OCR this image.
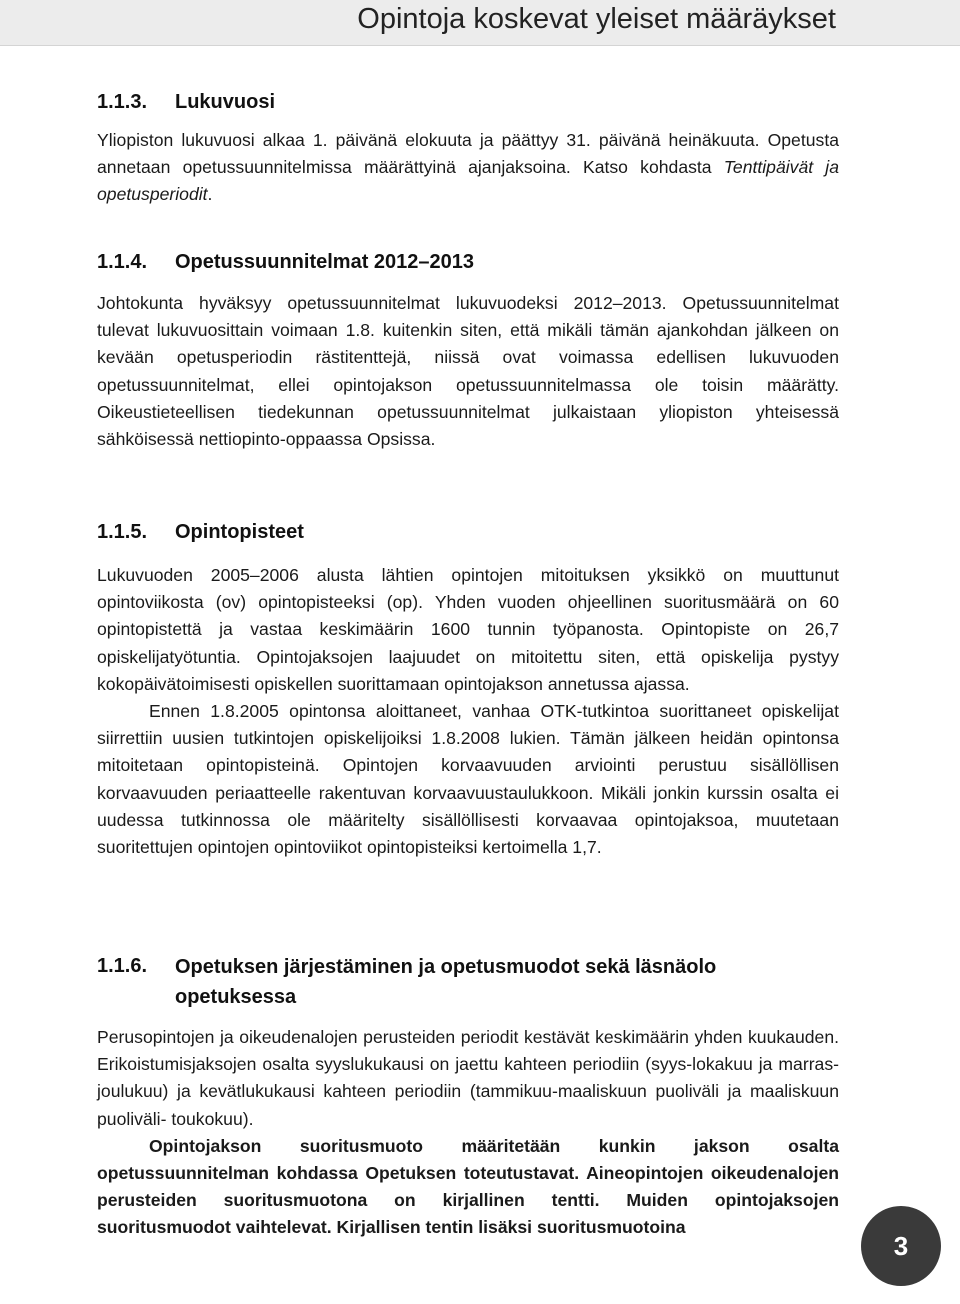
Opintoja koskevat yleiset määräykset
1.1.3. Lukuvuosi

Yliopiston lukuvuosi alkaa 1. päivänä elokuuta ja päättyy 31. päivänä heinäkuuta. Opetusta annetaan opetussuunnitelmissa määrättyinä ajanjaksoina. Katso kohdasta Tenttipäivät ja opetusperiodit.

1.1.4. Opetussuunnitelmat 2012–2013

Johtokunta hyväksyy opetussuunnitelmat lukuvuodeksi 2012–2013. Opetussuunnitelmat tulevat lukuvuosittain voimaan 1.8. kuitenkin siten, että mikäli tämän ajankohdan jälkeen on kevään opetusperiodin rästitenttejä, niissä ovat voimassa edellisen lukuvuoden opetussuunnitelmat, ellei opintojakson opetussuunnitelmassa ole toisin määrätty. Oikeustieteellisen tiedekunnan opetussuunnitelmat julkaistaan yliopiston yhteisessä sähköisessä nettiopinto-oppaassa Opsissa.

1.1.5. Opintopisteet

Lukuvuoden 2005–2006 alusta lähtien opintojen mitoituksen yksikkö on muuttunut opintoviikosta (ov) opintopisteeksi (op). Yhden vuoden ohjeellinen suoritusmäärä on 60 opintopistettä ja vastaa keskimäärin 1600 tunnin työpanosta. Opintopiste on 26,7 opiskelijatyötuntia. Opintojaksojen laajuudet on mitoitettu siten, että opiskelija pystyy kokopäivätoimisesti opiskellen suorittamaan opintojakson annetussa ajassa.

Ennen 1.8.2005 opintonsa aloittaneet, vanhaa OTK-tutkintoa suorittaneet opiskelijat siirrettiin uusien tutkintojen opiskelijoiksi 1.8.2008 lukien. Tämän jälkeen heidän opintonsa mitoitetaan opintopisteinä. Opintojen korvaavuuden arviointi perustuu sisällöllisen korvaavuuden periaatteelle rakentuvan korvaavuustaulukkoon. Mikäli jonkin kurssin osalta ei uudessa tutkinnossa ole määritelty sisällöllisesti korvaavaa opintojaksoa, muutetaan suoritettujen opintojen opintoviikot opintopisteiksi kertoimella 1,7.

1.1.6. Opetuksen järjestäminen ja opetusmuodot sekä läsnäolo opetuksessa

Perusopintojen ja oikeudenalojen perusteiden periodit kestävät keskimäärin yhden kuukauden. Erikoistumisjaksojen osalta syyslukukausi on jaettu kahteen periodiin (syys-lokakuu ja marras-joulukuu) ja kevätlukukausi kahteen periodiin (tammikuu-maaliskuun puoliväli ja maaliskuun puoliväli- toukokuu).

Opintojakson suoritusmuoto määritetään kunkin jakson osalta opetussuunnitelman kohdassa Opetuksen toteutustavat. Aineopintojen oikeudenalojen perusteiden suoritusmuotona on kirjallinen tentti. Muiden opintojaksojen suoritusmuodot vaihtelevat. Kirjallisen tentin lisäksi suoritusmuotoina

3
